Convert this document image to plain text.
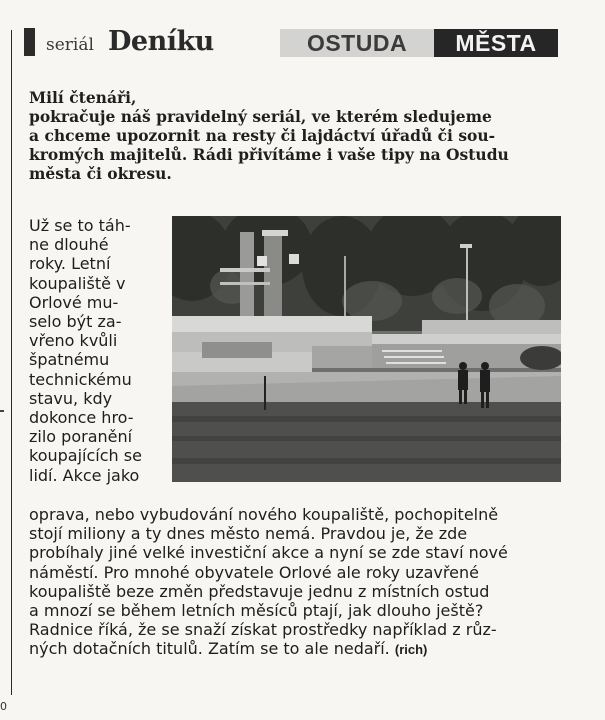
0
seriál Deníku	OSTUDA	MĚSTA
Milí čtenáři,
pokračuje náš pravidelný seriál, ve kterém sledujeme
a chceme upozornit na resty či lajdáctví úřadů či sou-
kromých majitelů. Rádi přivítáme i vaše tipy na Ostudu
města či okresu.
Už se to táh-
ne dlouhé
roky. Letní
koupaliště v
Orlové mu-
selo být za-
vřeno kvůli
špatnému
technickému
stavu, kdy
dokonce hro-
zilo poranění
koupajících se
lidí. Akce jako
oprava, nebo vybudování nového koupaliště, pochopitelně
stojí miliony a ty dnes město nemá. Pravdou je, že zde
probíhaly jiné velké investiční akce a nyní se zde staví nové
náměstí. Pro mnohé obyvatele Orlové ale roky uzavřené
koupaliště beze změn představuje jednu z místních ostud
a mnozí se během letních měsíců ptají, jak dlouho ještě?
Radnice říká, že se snaží získat prostředky například z růz-
ných dotačních titulů. Zatím se to ale nedaří. (rich)
